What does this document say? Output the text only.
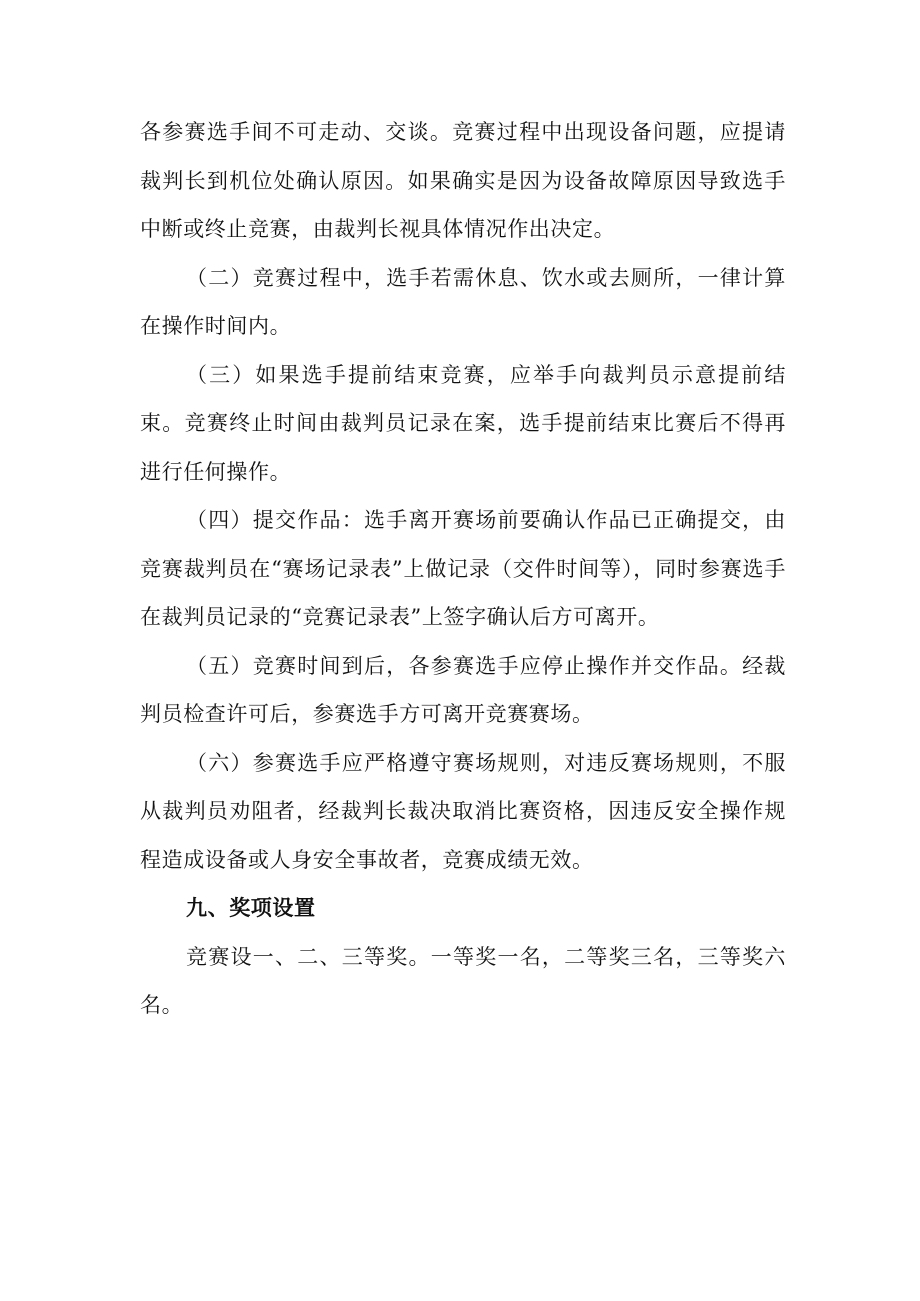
各参赛选手间不可走动、交谈。竞赛过程中出现设备问题，应提请裁判长到机位处确认原因。如果确实是因为设备故障原因导致选手中断或终止竞赛，由裁判长视具体情况作出决定。

（二）竞赛过程中，选手若需休息、饮水或去厕所，一律计算在操作时间内。

（三）如果选手提前结束竞赛，应举手向裁判员示意提前结束。竞赛终止时间由裁判员记录在案，选手提前结束比赛后不得再进行任何操作。

（四）提交作品：选手离开赛场前要确认作品已正确提交，由竞赛裁判员在“赛场记录表”上做记录（交件时间等），同时参赛选手在裁判员记录的“竞赛记录表”上签字确认后方可离开。

（五）竞赛时间到后，各参赛选手应停止操作并交作品。经裁判员检查许可后，参赛选手方可离开竞赛赛场。

（六）参赛选手应严格遵守赛场规则，对违反赛场规则，不服从裁判员劝阻者，经裁判长裁决取消比赛资格，因违反安全操作规程造成设备或人身安全事故者，竞赛成绩无效。

九、奖项设置

竞赛设一、二、三等奖。一等奖一名，二等奖三名，三等奖六名。
